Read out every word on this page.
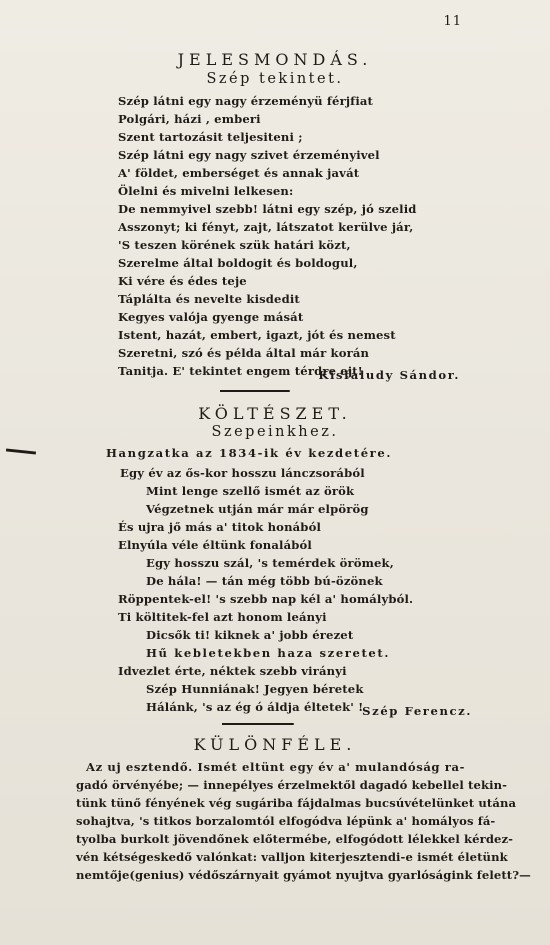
11
JELESMONDÁS.
Szép tekintet.
Szép látni egy nagy érzeményü férjfiat
Polgári, házi , emberi
Szent tartozásit teljesiteni ;
Szép látni egy nagy szivet érzeményivel
A' földet, emberséget és annak javát
Ölelni és mivelni lelkesen:
De nemmyivel szebb! látni egy szép, jó szelid
Asszonyt; ki fényt, zajt, látszatot kerülve jár,
'S teszen körének szük határi közt,
Szerelme által boldogit és boldogul,
Ki vére és édes teje
Táplálta és nevelte kisdedit
Kegyes valója gyenge mását
Istent, hazát, embert, igazt, jót és nemest
Szeretni, szó és példa által már korán
Tanitja. E' tekintet engem térdre ejt!
Kisfaludy Sándor.
KÖLTÉSZET.
Szepeinkhez.
Hangzatka az 1834-ik év kezdetére.
Egy év az ős-kor hosszu lánczsorából
Mint lenge szellő ismét az örök
Végzetnek utján már már elpörög
És ujra jő más a' titok honából
Elnyúla véle éltünk fonalából
Egy hosszu szál, 's temérdek örömek,
De hála! — tán még több bú-özönek
Röppentek-el! 's szebb nap kél a' homályból.
Ti költitek-fel azt honom leányi
Dicsők ti! kiknek a' jobb érezet
Hű kebletekben haza szeretet.
Idvezlet érte, néktek szebb virányi
Szép Hunniának! Jegyen béretek
Hálánk, 's az ég ó áldja éltetek' !
Szép Ferencz.
KÜLÖNFÉLE.
Az uj esztendő. Ismét eltünt egy év a' mulandóság ra-
gadó örvényébe; — innepélyes érzelmektől dagadó kebellel tekin-
tünk tünő fényének vég sugáriba fájdalmas bucsúvételünket utána
sohajtva, 's titkos borzalomtól elfogódva lépünk a' homályos fá-
tyolba burkolt jövendőnek előtermébe, elfogódott lélekkel kérdez-
vén kétségeskedő valónkat: valljon kiterjesztendi-e ismét életünk
nemtője(genius) védőszárnyait gyámot nyujtva gyarlóságink felett?—
